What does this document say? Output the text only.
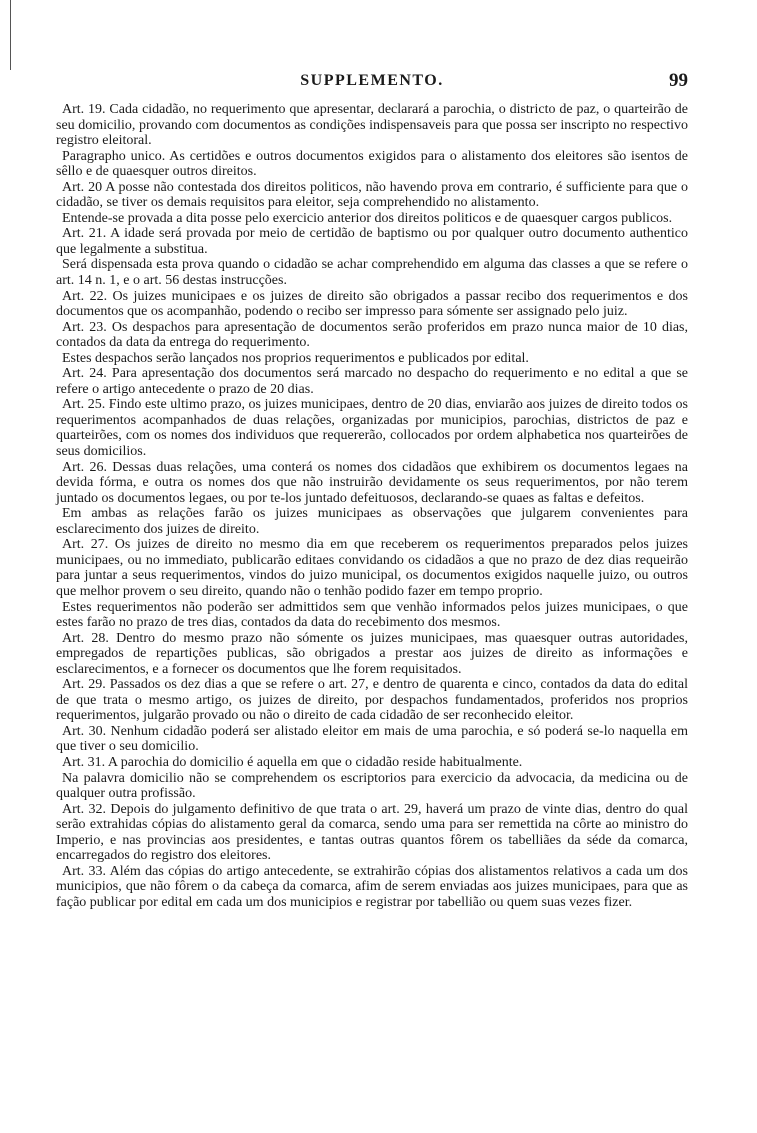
SUPPLEMENTO.	99

Art. 19. Cada cidadão, no requerimento que apresentar, declarará a parochia, o districto de paz, o quarteirão de seu domicilio, provando com documentos as condições indispensaveis para que possa ser inscripto no respectivo registro eleitoral.

Paragrapho unico. As certidões e outros documentos exigidos para o alistamento dos eleitores são isentos de sêllo e de quaesquer outros direitos.

Art. 20 A posse não contestada dos direitos politicos, não havendo prova em contrario, é sufficiente para que o cidadão, se tiver os demais requisitos para eleitor, seja comprehendido no alistamento.

Entende-se provada a dita posse pelo exercicio anterior dos direitos politicos e de quaesquer cargos publicos.

Art. 21. A idade será provada por meio de certidão de baptismo ou por qualquer outro documento authentico que legalmente a substitua.

Será dispensada esta prova quando o cidadão se achar comprehendido em alguma das classes a que se refere o art. 14 n. 1, e o art. 56 destas instrucções.

Art. 22. Os juizes municipaes e os juizes de direito são obrigados a passar recibo dos requerimentos e dos documentos que os acompanhão, podendo o recibo ser impresso para sómente ser assignado pelo juiz.

Art. 23. Os despachos para apresentação de documentos serão proferidos em prazo nunca maior de 10 dias, contados da data da entrega do requerimento.

Estes despachos serão lançados nos proprios requerimentos e publicados por edital.

Art. 24. Para apresentação dos documentos será marcado no despacho do requerimento e no edital a que se refere o artigo antecedente o prazo de 20 dias.

Art. 25. Findo este ultimo prazo, os juizes municipaes, dentro de 20 dias, enviarão aos juizes de direito todos os requerimentos acompanhados de duas relações, organizadas por municipios, parochias, districtos de paz e quarteirões, com os nomes dos individuos que requererão, collocados por ordem alphabetica nos quarteirões de seus domicilios.

Art. 26. Dessas duas relações, uma conterá os nomes dos cidadãos que exhibirem os documentos legaes na devida fórma, e outra os nomes dos que não instruirão devidamente os seus requerimentos, por não terem juntado os documentos legaes, ou por te-los juntado defeituosos, declarando-se quaes as faltas e defeitos.

Em ambas as relações farão os juizes municipaes as observações que julgarem convenientes para esclarecimento dos juizes de direito.

Art. 27. Os juizes de direito no mesmo dia em que receberem os requerimentos preparados pelos juizes municipaes, ou no immediato, publicarão editaes convidando os cidadãos a que no prazo de dez dias requeirão para juntar a seus requerimentos, vindos do juizo municipal, os documentos exigidos naquelle juizo, ou outros que melhor provem o seu direito, quando não o tenhão podido fazer em tempo proprio.

Estes requerimentos não poderão ser admittidos sem que venhão informados pelos juizes municipaes, o que estes farão no prazo de tres dias, contados da data do recebimento dos mesmos.

Art. 28. Dentro do mesmo prazo não sómente os juizes municipaes, mas quaesquer outras autoridades, empregados de repartições publicas, são obrigados a prestar aos juizes de direito as informações e esclarecimentos, e a fornecer os documentos que lhe forem requisitados.

Art. 29. Passados os dez dias a que se refere o art. 27, e dentro de quarenta e cinco, contados da data do edital de que trata o mesmo artigo, os juizes de direito, por despachos fundamentados, proferidos nos proprios requerimentos, julgarão provado ou não o direito de cada cidadão de ser reconhecido eleitor.

Art. 30. Nenhum cidadão poderá ser alistado eleitor em mais de uma parochia, e só poderá se-lo naquella em que tiver o seu domicilio.

Art. 31. A parochia do domicilio é aquella em que o cidadão reside habitualmente.

Na palavra domicilio não se comprehendem os escriptorios para exercicio da advocacia, da medicina ou de qualquer outra profissão.

Art. 32. Depois do julgamento definitivo de que trata o art. 29, haverá um prazo de vinte dias, dentro do qual serão extrahidas cópias do alistamento geral da comarca, sendo uma para ser remettida na côrte ao ministro do Imperio, e nas provincias aos presidentes, e tantas outras quantos fôrem os tabelliães da séde da comarca, encarregados do registro dos eleitores.

Art. 33. Além das cópias do artigo antecedente, se extrahirão cópias dos alistamentos relativos a cada um dos municipios, que não fôrem o da cabeça da comarca, afim de serem enviadas aos juizes municipaes, para que as fação publicar por edital em cada um dos municipios e registrar por tabellião ou quem suas vezes fizer.
